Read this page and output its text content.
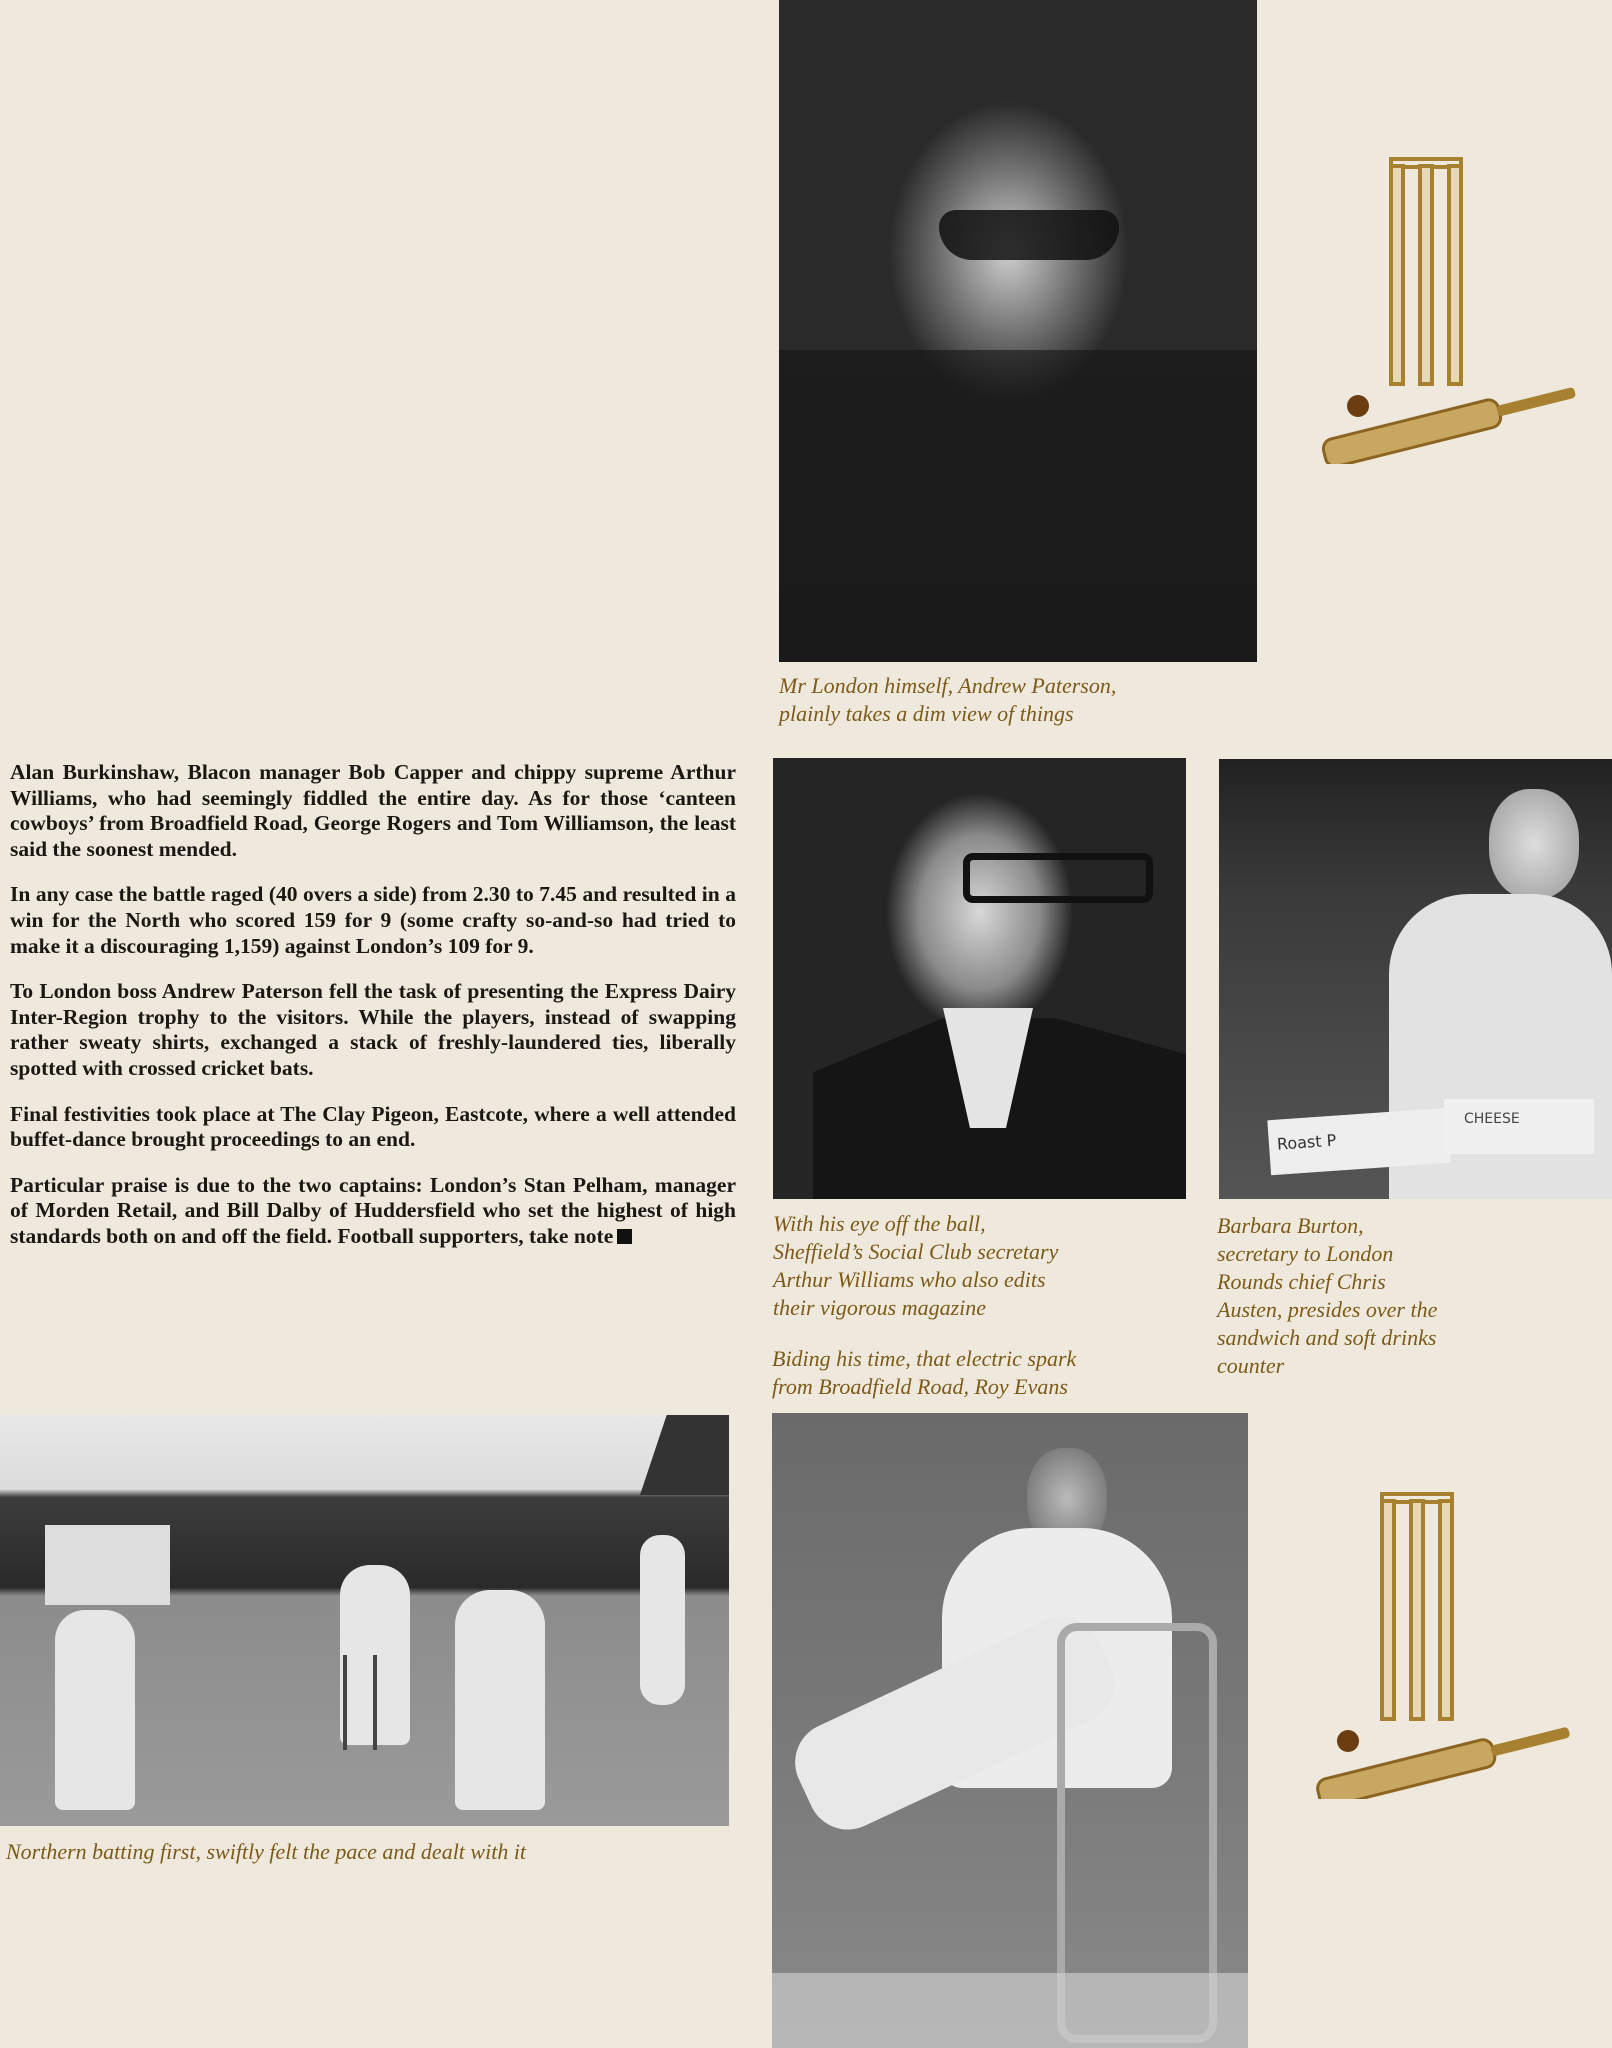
Mr London himself, Andrew Paterson,
plainly takes a dim view of things

Alan Burkinshaw, Blacon manager Bob Capper and chippy supreme Arthur Williams, who had seemingly fiddled the entire day. As for those ‘canteen cowboys’ from Broadfield Road, George Rogers and Tom Williamson, the least said the soonest mended.

In any case the battle raged (40 overs a side) from 2.30 to 7.45 and resulted in a win for the North who scored 159 for 9 (some crafty so-and-so had tried to make it a discouraging 1,159) against London’s 109 for 9.

To London boss Andrew Paterson fell the task of presenting the Express Dairy Inter-Region trophy to the visitors. While the players, instead of swapping rather sweaty shirts, exchanged a stack of freshly-laundered ties, liberally spotted with crossed cricket bats.

Final festivities took place at The Clay Pigeon, Eastcote, where a well attended buffet-dance brought proceedings to an end.

Particular praise is due to the two captains: London’s Stan Pelham, manager of Morden Retail, and Bill Dalby of Huddersfield who set the highest of high standards both on and off the field. Football supporters, take note

Roast P
CHEESE
With his eye off the ball,
Sheffield’s Social Club secretary
Arthur Williams who also edits
their vigorous magazine
Biding his time, that electric spark
from Broadfield Road, Roy Evans
Barbara Burton,
secretary to London
Rounds chief Chris
Austen, presides over the
sandwich and soft drinks
counter
Northern batting first, swiftly felt the pace and dealt with it
